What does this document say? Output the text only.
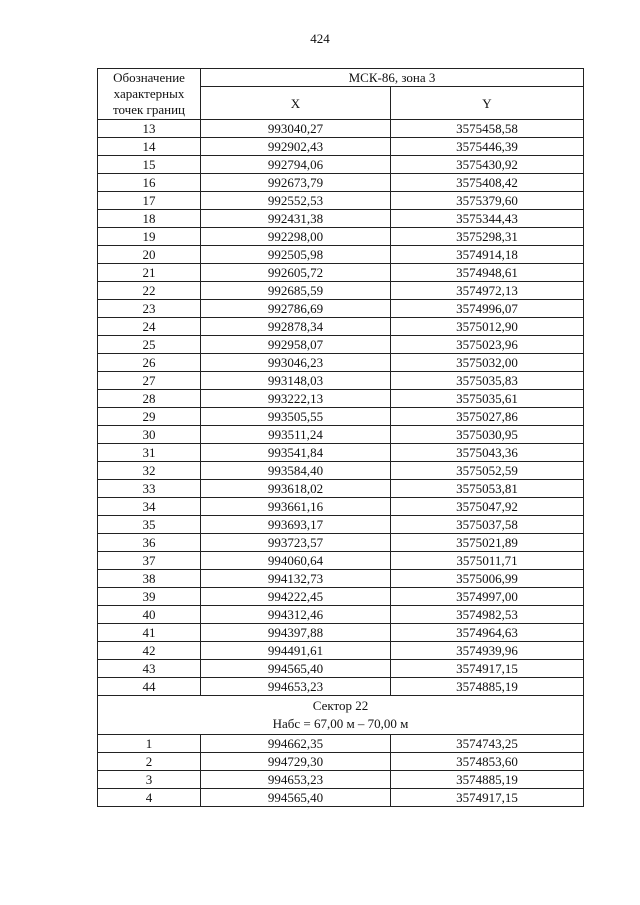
424
Обозначение характерных точек границ	МСК-86, зона 3	
	X	Y
13	993040,27	3575458,58
14	992902,43	3575446,39
15	992794,06	3575430,92
16	992673,79	3575408,42
17	992552,53	3575379,60
18	992431,38	3575344,43
19	992298,00	3575298,31
20	992505,98	3574914,18
21	992605,72	3574948,61
22	992685,59	3574972,13
23	992786,69	3574996,07
24	992878,34	3575012,90
25	992958,07	3575023,96
26	993046,23	3575032,00
27	993148,03	3575035,83
28	993222,13	3575035,61
29	993505,55	3575027,86
30	993511,24	3575030,95
31	993541,84	3575043,36
32	993584,40	3575052,59
33	993618,02	3575053,81
34	993661,16	3575047,92
35	993693,17	3575037,58
36	993723,57	3575021,89
37	994060,64	3575011,71
38	994132,73	3575006,99
39	994222,45	3574997,00
40	994312,46	3574982,53
41	994397,88	3574964,63
42	994491,61	3574939,96
43	994565,40	3574917,15
44	994653,23	3574885,19

Сектор 22
Набс = 67,00 м – 70,00 м		

1	994662,35	3574743,25
2	994729,30	3574853,60
3	994653,23	3574885,19
4	994565,40	3574917,15
